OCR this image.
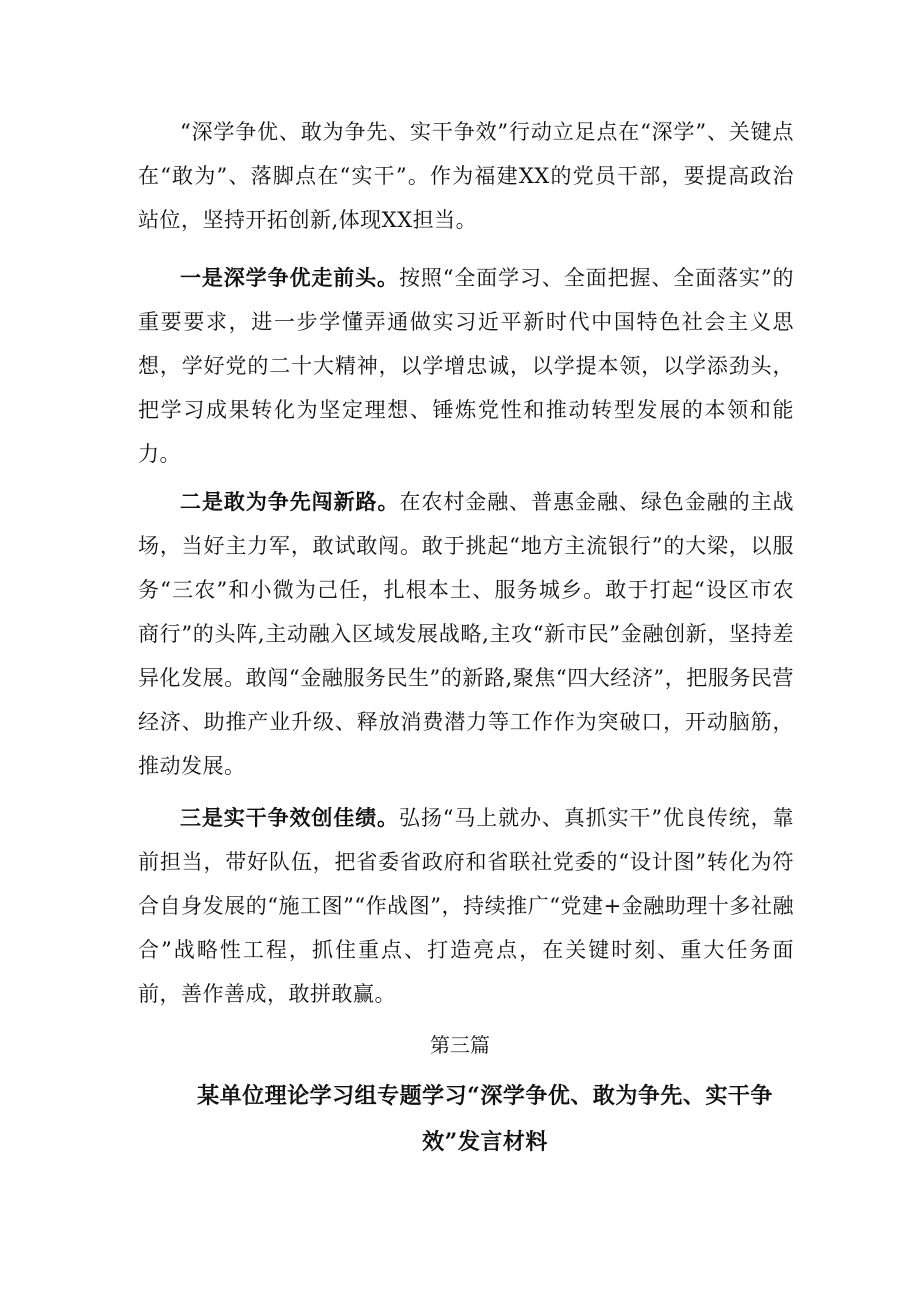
“深学争优、敢为争先、实干争效”行动立足点在“深学”、关键点在“敢为”、落脚点在“实干”。作为福建XX的党员干部，要提高政治站位，坚持开拓创新,体现XX担当。

一是深学争优走前头。按照“全面学习、全面把握、全面落实”的重要要求，进一步学懂弄通做实习近平新时代中国特色社会主义思想，学好党的二十大精神，以学增忠诚，以学提本领，以学添劲头，把学习成果转化为坚定理想、锤炼党性和推动转型发展的本领和能力。

二是敢为争先闯新路。在农村金融、普惠金融、绿色金融的主战场，当好主力军，敢试敢闯。敢于挑起“地方主流银行”的大梁，以服务“三农”和小微为己任，扎根本土、服务城乡。敢于打起“设区市农商行”的头阵,主动融入区域发展战略,主攻“新市民”金融创新，坚持差异化发展。敢闯“金融服务民生”的新路,聚焦“四大经济”，把服务民营经济、助推产业升级、释放消费潜力等工作作为突破口，开动脑筋，推动发展。

三是实干争效创佳绩。弘扬“马上就办、真抓实干”优良传统，靠前担当，带好队伍，把省委省政府和省联社党委的“设计图”转化为符合自身发展的“施工图”“作战图”，持续推广“党建+金融助理十多社融合”战略性工程，抓住重点、打造亮点，在关键时刻、重大任务面前，善作善成，敢拼敢赢。

第三篇

某单位理论学习组专题学习“深学争优、敢为争先、实干争效”发言材料
